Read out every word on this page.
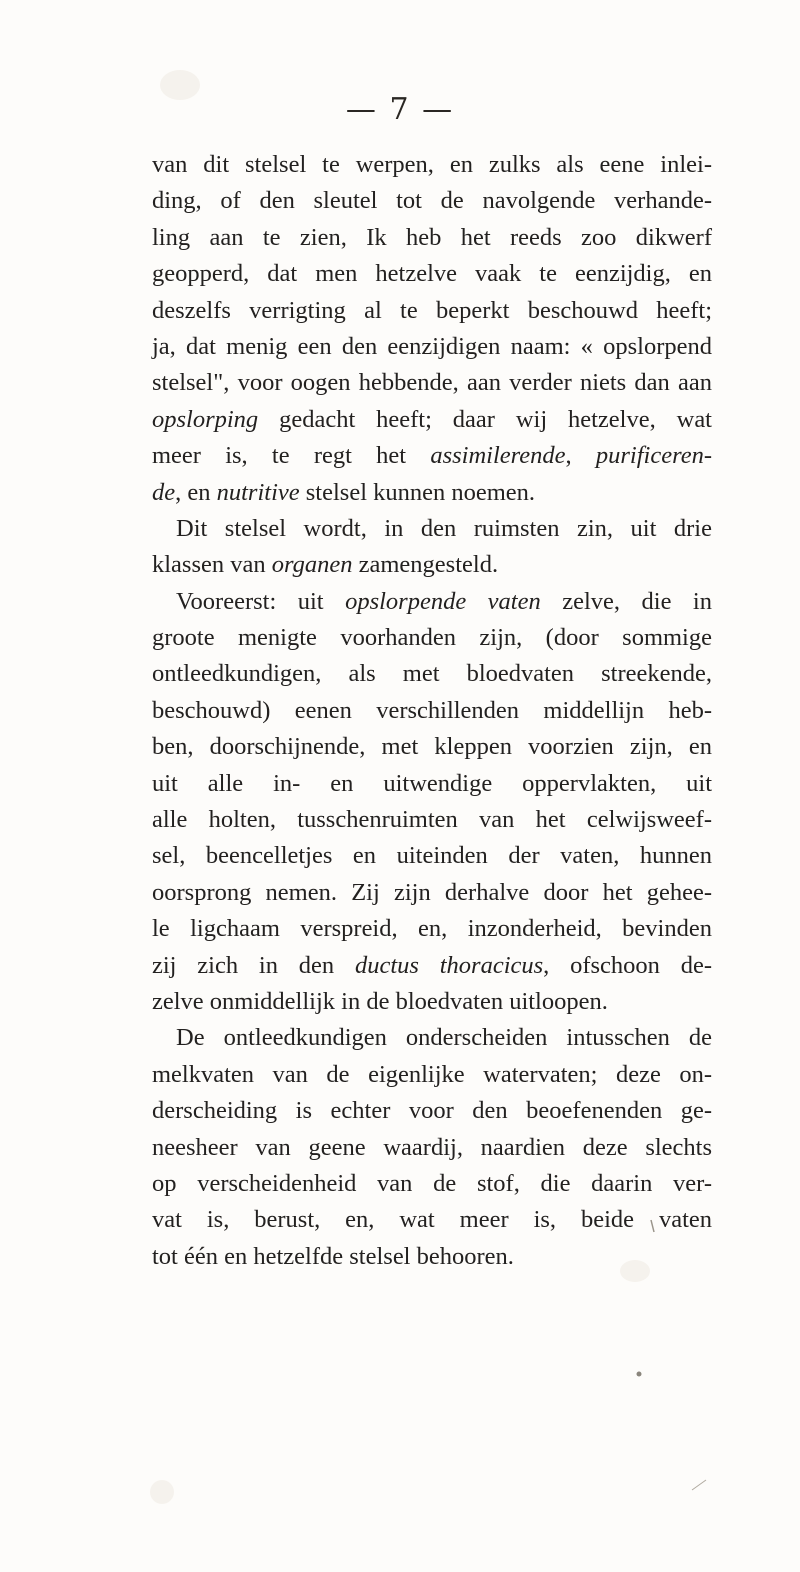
— 7 —
van dit stelsel te werpen, en zulks als eene inlei-
ding, of den sleutel tot de navolgende verhande-
ling aan te zien, Ik heb het reeds zoo dikwerf
geopperd, dat men hetzelve vaak te eenzijdig, en
deszelfs verrigting al te beperkt beschouwd heeft;
ja, dat menig een den eenzijdigen naam: « opslorpend
stelsel", voor oogen hebbende, aan verder niets dan aan
opslorping gedacht heeft; daar wij hetzelve, wat
meer is, te regt het assimilerende, purificeren-
de, en nutritive stelsel kunnen noemen.
Dit stelsel wordt, in den ruimsten zin, uit drie
klassen van organen zamengesteld.
Vooreerst: uit opslorpende vaten zelve, die in
groote menigte voorhanden zijn, (door sommige
ontleedkundigen, als met bloedvaten streekende,
beschouwd) eenen verschillenden middellijn heb-
ben, doorschijnende, met kleppen voorzien zijn, en
uit alle in- en uitwendige oppervlakten, uit
alle holten, tusschenruimten van het celwijsweef-
sel, beencelletjes en uiteinden der vaten, hunnen
oorsprong nemen. Zij zijn derhalve door het gehee-
le ligchaam verspreid, en, inzonderheid, bevinden
zij zich in den ductus thoracicus, ofschoon de-
zelve onmiddellijk in de bloedvaten uitloopen.
De ontleedkundigen onderscheiden intusschen de
melkvaten van de eigenlijke watervaten; deze on-
derscheiding is echter voor den beoefenenden ge-
neesheer van geene waardij, naardien deze slechts
op verscheidenheid van de stof, die daarin ver-
vat is, berust, en, wat meer is, beide vaten
tot één en hetzelfde stelsel behooren.
